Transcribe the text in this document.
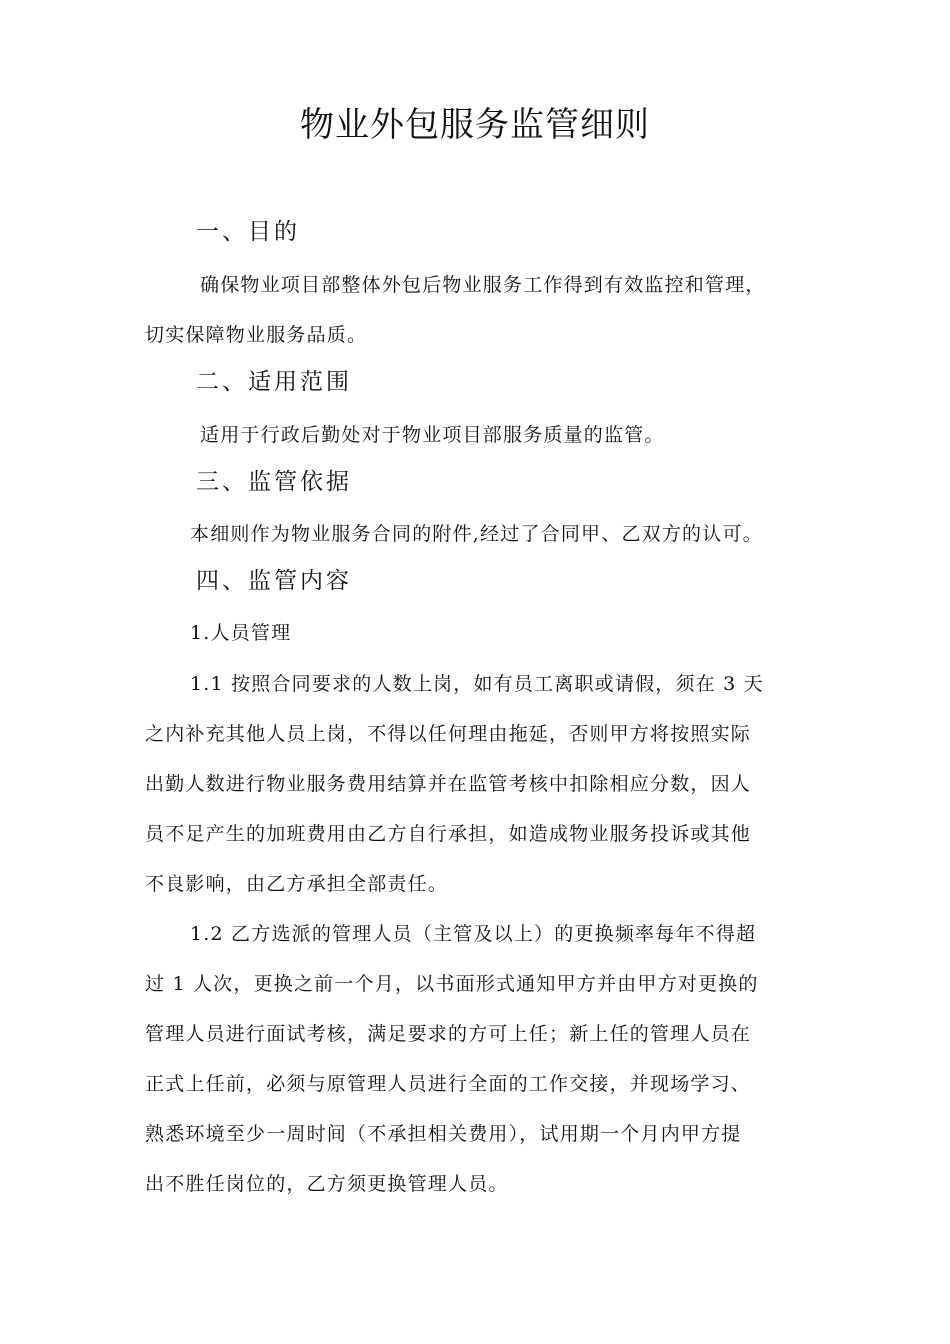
物业外包服务监管细则
一、目的
确保物业项目部整体外包后物业服务工作得到有效监控和管理，
切实保障物业服务品质。
二、适用范围
适用于行政后勤处对于物业项目部服务质量的监管。
三、监管依据
本细则作为物业服务合同的附件,经过了合同甲、乙双方的认可。
四、监管内容
1.人员管理
1.1 按照合同要求的人数上岗，如有员工离职或请假，须在 3 天
之内补充其他人员上岗，不得以任何理由拖延，否则甲方将按照实际
出勤人数进行物业服务费用结算并在监管考核中扣除相应分数，因人
员不足产生的加班费用由乙方自行承担，如造成物业服务投诉或其他
不良影响，由乙方承担全部责任。
1.2 乙方选派的管理人员（主管及以上）的更换频率每年不得超
过 1 人次，更换之前一个月，以书面形式通知甲方并由甲方对更换的
管理人员进行面试考核，满足要求的方可上任；新上任的管理人员在
正式上任前，必须与原管理人员进行全面的工作交接，并现场学习、
熟悉环境至少一周时间（不承担相关费用），试用期一个月内甲方提
出不胜任岗位的，乙方须更换管理人员。
